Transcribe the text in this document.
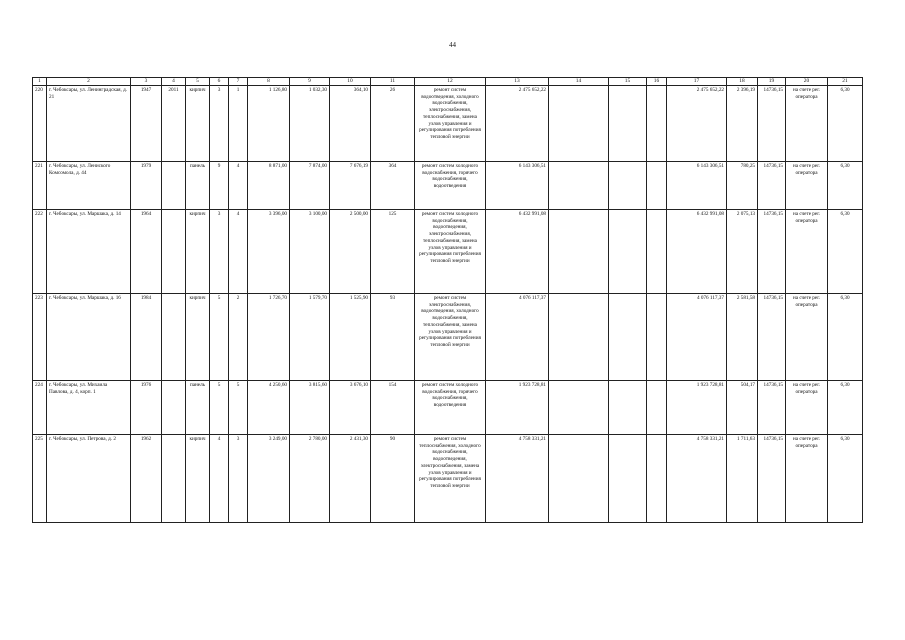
44
1	2	3	4	5	6	7	8	9	10	11	12	13	14	15	16	17	18	19	20	21
220	г. Чебоксары, ул. Ленинградская, д. 21	1947	2011	кирпич	3	1	1 126,80	1 032,30	364,10	26	ремонт систем водоотведения, холодного водоснабжения, электроснабжения, теплоснабжения, замена узлов управления и регулирования потребления тепловой энергии	2 475 652,22				2 475 652,22	2 396,19	14736,15	на счете рег. оператора	6,30
221	г. Чебоксары, ул. Лениского Комсомола, д. 44	1979		панель	9	4	8 871,00	7 874,00	7 676,19	364	ремонт систем холодного водоснабжения, горячего водоснабжения, водоотведения	6 143 306,51				6 143 306,51	780,25	14736,15	на счете рег. оператора	6,30
222	г. Чебоксары, ул. Маршака, д. 14	1964		кирпич	3	4	3 396,00	3 100,00	2 500,00	125	ремонт систем холодного водоснабжения, водоотведения, электроснабжения, теплоснабжения, замена узлов управления и регулирования потребления тепловой энергии	6 432 991,08				6 432 991,08	2 075,13	14736,15	на счете рег. оператора	6,30
223	г. Чебоксары, ул. Маршака, д. 16	1984		кирпич	5	2	1 726,70	1 579,70	1 525,90	93	ремонт систем электроснабжения, водоотведения, холодного водоснабжения, теплоснабжения, замена узлов управления и регулирования потребления тепловой энергии	4 076 117,37				4 076 117,37	2 581,58	14736,15	на счете рег. оператора	6,30
224	г. Чебоксары, ул. Михаила Павлова, д. 4, корп. 1	1976		панель	5	5	4 250,60	3 815,60	3 676,10	154	ремонт систем холодного водоснабжения, горячего водоснабжения, водоотведения	1 923 728,81				1 923 728,81	504,17	14736,15	на счете рег. оператора	6,30
225	г. Чебоксары, ул. Петрова, д. 2	1962		кирпич	4	3	3 249,00	2 780,00	2 431,30	90	ремонт систем теплоснабжения, холодного водоснабжения, водоотведения, электроснабжения, замена узлов управления и регулирования потребления тепловой энергии	4 758 331,21				4 758 331,21	1 711,63	14736,15	на счете рег. оператора	6,30
